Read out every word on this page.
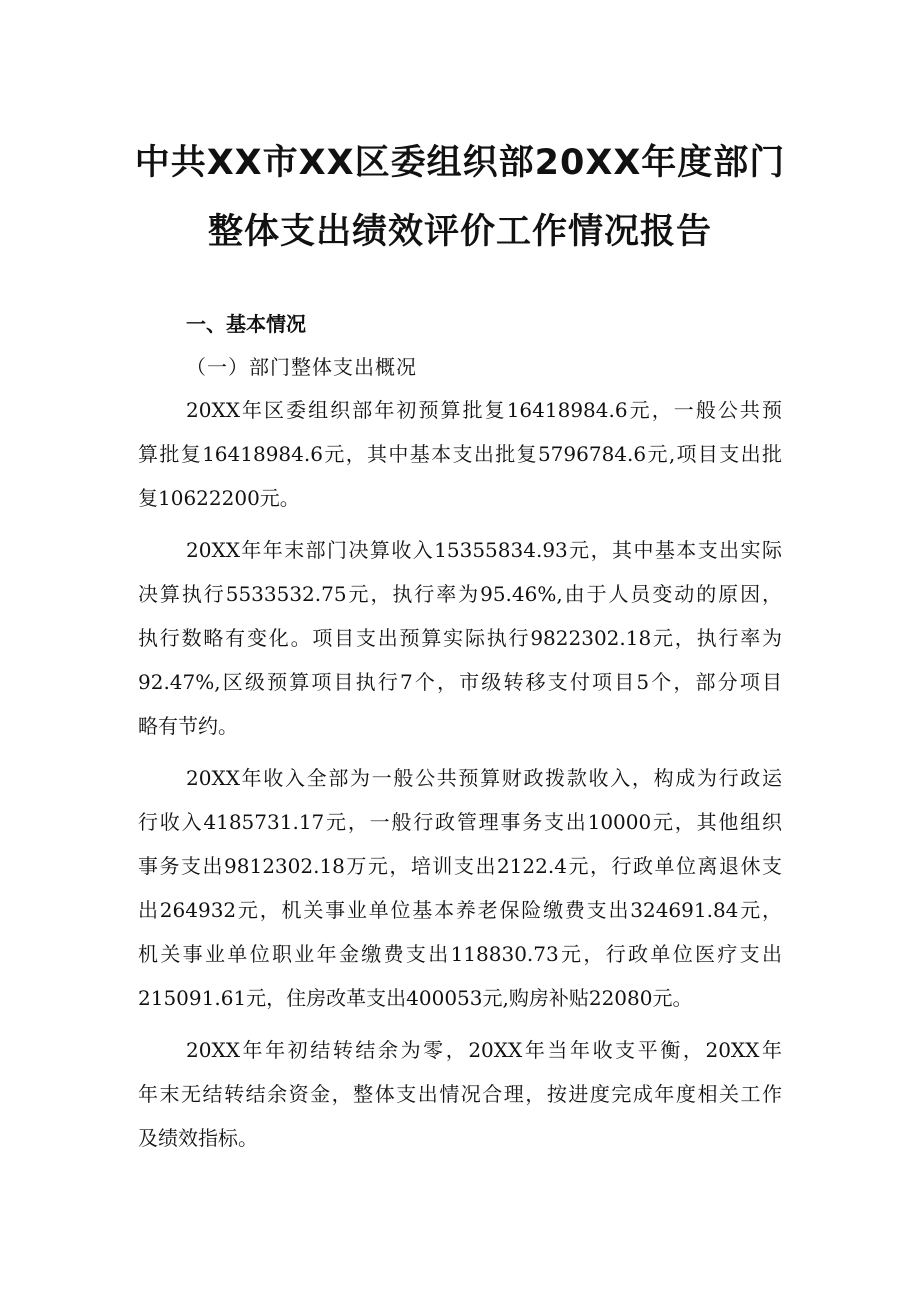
中共XX市XX区委组织部20XX年度部门
整体支出绩效评价工作情况报告
一、基本情况
（一）部门整体支出概况
20XX年区委组织部年初预算批复16418984.6元，一般公共预
算批复16418984.6元，其中基本支出批复5796784.6元,项目支出批
复10622200元。
20XX年年末部门决算收入15355834.93元，其中基本支出实际
决算执行5533532.75元，执行率为95.46%,由于人员变动的原因，
执行数略有变化。项目支出预算实际执行9822302.18元，执行率为
92.47%,区级预算项目执行7个，市级转移支付项目5个，部分项目
略有节约。
20XX年收入全部为一般公共预算财政拨款收入，构成为行政运
行收入4185731.17元，一般行政管理事务支出10000元，其他组织
事务支出9812302.18万元，培训支出2122.4元，行政单位离退休支
出264932元，机关事业单位基本养老保险缴费支出324691.84元，
机关事业单位职业年金缴费支出118830.73元，行政单位医疗支出
215091.61元，住房改革支出400053元,购房补贴22080元。
20XX年年初结转结余为零，20XX年当年收支平衡，20XX年
年末无结转结余资金，整体支出情况合理，按进度完成年度相关工作
及绩效指标。
